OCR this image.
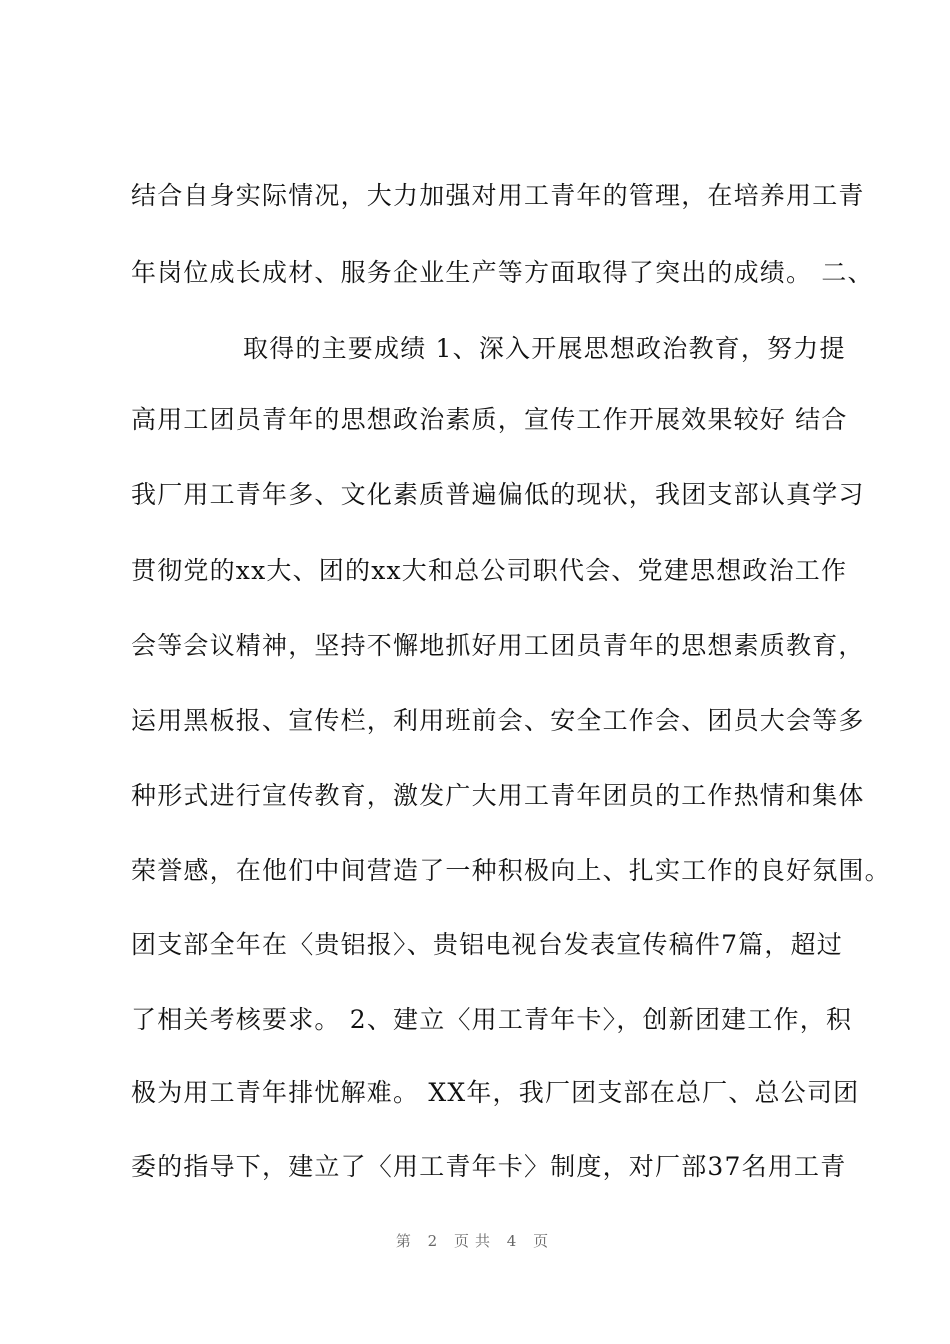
结合自身实际情况，大力加强对用工青年的管理，在培养用工青
年岗位成长成材、服务企业生产等方面取得了突出的成绩。 二、
取得的主要成绩 1、深入开展思想政治教育，努力提
高用工团员青年的思想政治素质，宣传工作开展效果较好 结合
我厂用工青年多、文化素质普遍偏低的现状，我团支部认真学习
贯彻党的xx大、团的xx大和总公司职代会、党建思想政治工作
会等会议精神，坚持不懈地抓好用工团员青年的思想素质教育，
运用黑板报、宣传栏，利用班前会、安全工作会、团员大会等多
种形式进行宣传教育，激发广大用工青年团员的工作热情和集体
荣誉感，在他们中间营造了一种积极向上、扎实工作的良好氛围。
团支部全年在〈贵铝报〉、贵铝电视台发表宣传稿件7篇，超过
了相关考核要求。 2、建立〈用工青年卡〉，创新团建工作，积
极为用工青年排忧解难。 XX年，我厂团支部在总厂、总公司团
委的指导下，建立了〈用工青年卡〉制度，对厂部37名用工青
第 2 页共 4 页
